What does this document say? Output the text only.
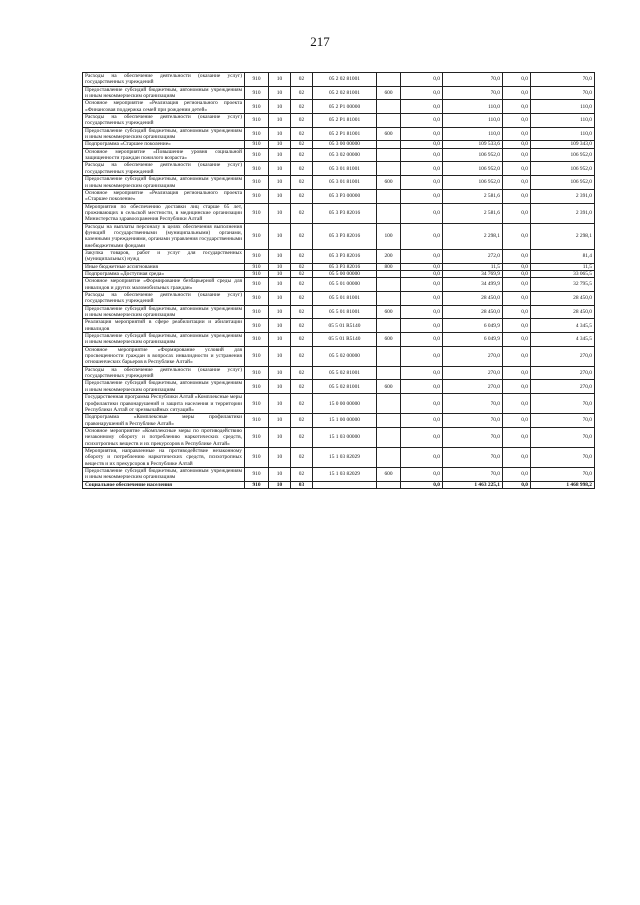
217
Расходы на обеспечение деятельности (оказание услуг) государственных учреждений	910	10	02	05 2 02 81001		0,0	70,0	0,0	70,0
Предоставление субсидий бюджетным, автономным учреждениям и иным некоммерческим организациям	910	10	02	05 2 02 81001	600	0,0	70,0	0,0	70,0
Основное мероприятие «Реализация регионального проекта «Финансовая поддержка семей при рождении детей»	910	10	02	05 2 P1 00000		0,0	110,0	0,0	110,0
Расходы на обеспечение деятельности (оказание услуг) государственных учреждений	910	10	02	05 2 P1 81001		0,0	110,0	0,0	110,0
Предоставление субсидий бюджетным, автономным учреждениям и иным некоммерческим организациям	910	10	02	05 2 P1 81001	600	0,0	110,0	0,0	110,0
Подпрограмма «Старшее поколение»	910	10	02	05 3 00 00000		0,0	109 533,6	0,0	109 343,0
Основное мероприятие «Повышение уровня социальной защищенности граждан пожилого возраста»	910	10	02	05 3 02 00000		0,0	106 952,0	0,0	106 952,0
Расходы на обеспечение деятельности (оказание услуг) государственных учреждений	910	10	02	05 3 01 81001		0,0	106 952,0	0,0	106 952,0
Предоставление субсидий бюджетным, автономным учреждениям и иным некоммерческим организациям	910	10	02	05 3 01 81001	600	0,0	106 952,0	0,0	106 952,0
Основное мероприятие «Реализация регионального проекта «Старшее поколение»	910	10	02	05 3 P3 00000		0,0	2 581,6	0,0	2 391,0
Мероприятия по обеспечению доставки лиц старше 65 лет, проживающих в сельской местности, в медицинские организации Министерства здравоохранения Республики Алтай	910	10	02	05 3 P3 82016		0,0	2 581,6	0,0	2 391,0
Расходы на выплаты персоналу в целях обеспечения выполнения функций государственными (муниципальными) органами, казенными учреждениями, органами управления государственными внебюджетными фондами	910	10	02	05 3 P3 82016	100	0,0	2 298,1	0,0	2 298,1
Закупка товаров, работ и услуг для государственных (муниципальных) нужд	910	10	02	05 3 P3 82016	200	0,0	272,0	0,0	81,4
Иные бюджетные ассигнования	910	10	02	05 3 P3 82016	800	0,0	11,5	0,0	11,5
Подпрограмма «Доступная среда»	910	10	02	05 5 00 00000		0,0	34 769,9	0,0	33 065,5
Основное мероприятие «Формирование безбарьерной среды для инвалидов и других маломобильных граждан»	910	10	02	05 5 01 00000		0,0	34 499,9	0,0	32 795,5
Расходы на обеспечение деятельности (оказание услуг) государственных учреждений	910	10	02	05 5 01 81001		0,0	28 450,0	0,0	28 450,0
Предоставление субсидий бюджетным, автономным учреждениям и иным некоммерческим организациям	910	10	02	05 5 01 81001	600	0,0	28 450,0	0,0	28 450,0
Реализация мероприятий в сфере реабилитации и абилитации инвалидов	910	10	02	05 5 01 R5140		0,0	6 049,9	0,0	4 345,5
Предоставление субсидий бюджетным, автономным учреждениям и иным некоммерческим организациям	910	10	02	05 5 01 R5140	600	0,0	6 049,9	0,0	4 345,5
Основное мероприятие «Формирование условий для просвещенности граждан в вопросах инвалидности и устранения отношенческих барьеров в Республике Алтай»	910	10	02	05 5 02 00000		0,0	270,0	0,0	270,0
Расходы на обеспечение деятельности (оказание услуг) государственных учреждений	910	10	02	05 5 02 81001		0,0	270,0	0,0	270,0
Предоставление субсидий бюджетным, автономным учреждениям и иным некоммерческим организациям	910	10	02	05 5 02 81001	600	0,0	270,0	0,0	270,0
Государственная программа Республики Алтай «Комплексные меры профилактики правонарушений и защита населения и территории Республики Алтай от чрезвычайных ситуаций»	910	10	02	15 0 00 00000		0,0	70,0	0,0	70,0
Подпрограмма «Комплексные меры профилактики правонарушений в Республике Алтай»	910	10	02	15 1 00 00000		0,0	70,0	0,0	70,0
Основное мероприятие «Комплексные меры по противодействию незаконному обороту и потреблению наркотических средств, психотропных веществ и их прекурсоров в Республике Алтай»	910	10	02	15 1 03 00000		0,0	70,0	0,0	70,0
Мероприятия, направленные на противодействие незаконному обороту и потреблению наркотических средств, психотропных веществ и их прекурсоров в Республике Алтай	910	10	02	15 1 03 82029		0,0	70,0	0,0	70,0
Предоставление субсидий бюджетным, автономным учреждениям и иным некоммерческим организациям	910	10	02	15 1 03 82029	600	0,0	70,0	0,0	70,0
Социальное обеспечение населения	910	10	03			0,0	1 463 225,1	0,0	1 468 998,2
